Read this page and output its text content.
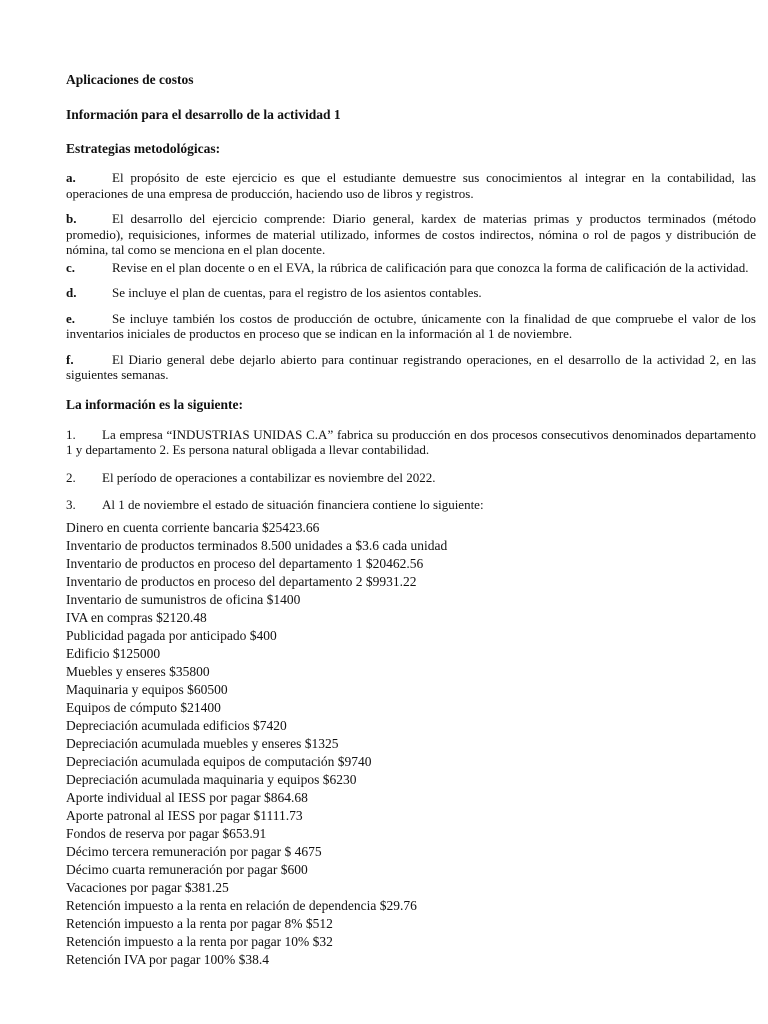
Aplicaciones de costos

Información para el desarrollo de la actividad 1

Estrategias metodológicas:

a.	El propósito de este ejercicio es que el estudiante demuestre sus conocimientos al integrar en la contabilidad, las operaciones de una empresa de producción, haciendo uso de libros y registros.

b.	El desarrollo del ejercicio comprende: Diario general, kardex de materias primas y productos terminados (método promedio), requisiciones, informes de material utilizado, informes de costos indirectos, nómina o rol de pagos y distribución de nómina, tal como se menciona en el plan docente.

c.	Revise en el plan docente o en el EVA, la rúbrica de calificación para que conozca la forma de calificación de la actividad.

d.	Se incluye el plan de cuentas, para el registro de los asientos contables.

e.	Se incluye también los costos de producción de octubre, únicamente con la finalidad de que compruebe el valor de los inventarios iniciales de productos en proceso que se indican en la información al 1 de noviembre.

f.	El Diario general debe dejarlo abierto para continuar registrando operaciones, en el desarrollo de la actividad 2, en las siguientes semanas.

La información es la siguiente:

1. La empresa “INDUSTRIAS UNIDAS C.A” fabrica su producción en dos procesos consecutivos denominados departamento 1 y departamento 2. Es persona natural obligada a llevar contabilidad.

2. El período de operaciones a contabilizar es noviembre del 2022.

3. Al 1 de noviembre el estado de situación financiera contiene lo siguiente:

Dinero en cuenta corriente bancaria $25423.66
Inventario de productos terminados 8.500 unidades a $3.6 cada unidad
Inventario de productos en proceso del departamento 1 $20462.56
Inventario de productos en proceso del departamento 2 $9931.22
Inventario de sumunistros de oficina $1400
IVA en compras $2120.48
Publicidad pagada por anticipado $400
Edificio $125000
Muebles y enseres $35800
Maquinaria y equipos $60500
Equipos de cómputo $21400
Depreciación acumulada edificios $7420
Depreciación acumulada muebles y enseres $1325
Depreciación acumulada equipos de computación $9740
Depreciación acumulada maquinaria y equipos $6230
Aporte individual al IESS por pagar $864.68
Aporte patronal al IESS por pagar $1111.73
Fondos de reserva por pagar $653.91
Décimo tercera remuneración por pagar $ 4675
Décimo cuarta remuneración por pagar $600
Vacaciones por pagar $381.25
Retención impuesto a la renta en relación de dependencia $29.76
Retención impuesto a la renta por pagar 8% $512
Retención impuesto a la renta por pagar 10% $32
Retención IVA por pagar 100% $38.4
